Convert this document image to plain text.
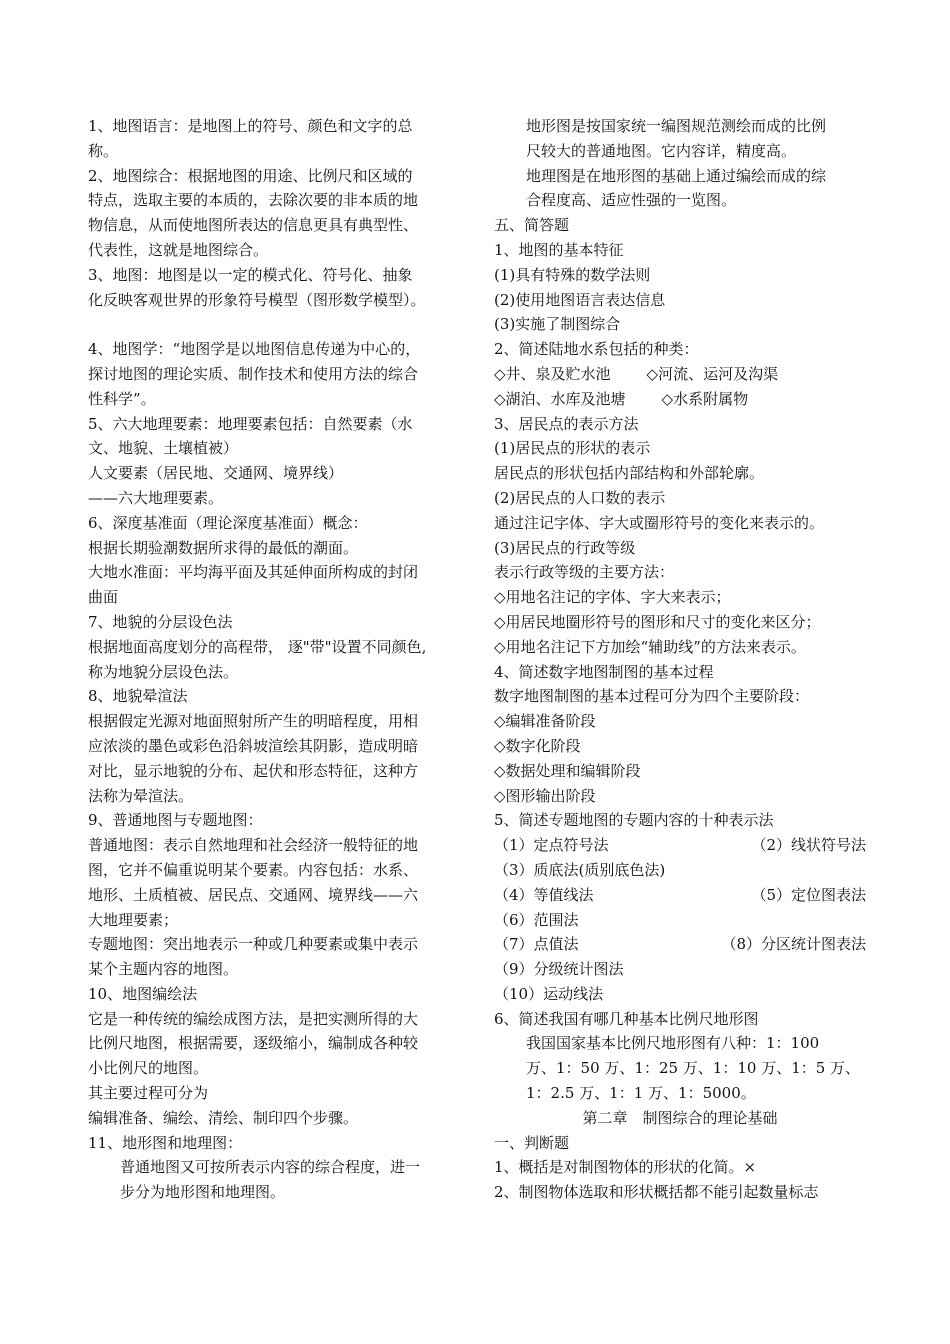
1、地图语言：是地图上的符号、颜色和文字的总
称。
2、地图综合：根据地图的用途、比例尺和区域的
特点，选取主要的本质的，去除次要的非本质的地
物信息，从而使地图所表达的信息更具有典型性、
代表性，这就是地图综合。
3、地图：地图是以一定的模式化、符号化、抽象
化反映客观世界的形象符号模型（图形数学模型）。
4、地图学：“地图学是以地图信息传递为中心的，
探讨地图的理论实质、制作技术和使用方法的综合
性科学”。
5、六大地理要素：地理要素包括：自然要素（水
文、地貌、土壤植被）
人文要素（居民地、交通网、境界线）
——六大地理要素。
6、深度基准面（理论深度基准面）概念：
根据长期验潮数据所求得的最低的潮面。
大地水准面：平均海平面及其延伸面所构成的封闭
曲面
7、地貌的分层设色法
根据地面高度划分的高程带， 逐"带"设置不同颜色,
称为地貌分层设色法。
8、地貌晕渲法
根据假定光源对地面照射所产生的明暗程度，用相
应浓淡的墨色或彩色沿斜坡渲绘其阴影，造成明暗
对比，显示地貌的分布、起伏和形态特征，这种方
法称为晕渲法。
9、普通地图与专题地图：
普通地图：表示自然地理和社会经济一般特征的地
图，它并不偏重说明某个要素。内容包括：水系、
地形、土质植被、居民点、交通网、境界线——六
大地理要素；
专题地图：突出地表示一种或几种要素或集中表示
某个主题内容的地图。
10、地图编绘法
它是一种传统的编绘成图方法，是把实测所得的大
比例尺地图，根据需要，逐级缩小，编制成各种较
小比例尺的地图。
其主要过程可分为
编辑准备、编绘、清绘、制印四个步骤。
11、地形图和地理图：
普通地图又可按所表示内容的综合程度，进一
步分为地形图和地理图。
地形图是按国家统一编图规范测绘而成的比例
尺较大的普通地图。它内容详，精度高。
地理图是在地形图的基础上通过编绘而成的综
合程度高、适应性强的一览图。
五、简答题
1、地图的基本特征
(1)具有特殊的数学法则
(2)使用地图语言表达信息
(3)实施了制图综合
2、简述陆地水系包括的种类：
◇井、泉及贮水池 ◇河流、运河及沟渠
◇湖泊、水库及池塘 ◇水系附属物
3、居民点的表示方法
(1)居民点的形状的表示
居民点的形状包括内部结构和外部轮廓。
(2)居民点的人口数的表示
通过注记字体、字大或圈形符号的变化来表示的。
(3)居民点的行政等级
表示行政等级的主要方法：
◇用地名注记的字体、字大来表示；
◇用居民地圈形符号的图形和尺寸的变化来区分；
◇用地名注记下方加绘“辅助线”的方法来表示。
4、简述数字地图制图的基本过程
数字地图制图的基本过程可分为四个主要阶段：
◇编辑准备阶段
◇数字化阶段
◇数据处理和编辑阶段
◇图形输出阶段
5、简述专题地图的专题内容的十种表示法
（1）定点符号法	（2）线状符号法
（3）质底法(质别底色法)
（4）等值线法	（5）定位图表法
（6）范围法
（7）点值法	（8）分区统计图表法
（9）分级统计图法
（10）运动线法
6、简述我国有哪几种基本比例尺地形图
我国国家基本比例尺地形图有八种：1：100
万、1：50 万、1：25 万、1：10 万、1：5 万、
1：2.5 万、1：1 万、1：5000。
第二章　制图综合的理论基础
一、判断题
1、概括是对制图物体的形状的化简。×
2、制图物体选取和形状概括都不能引起数量标志
